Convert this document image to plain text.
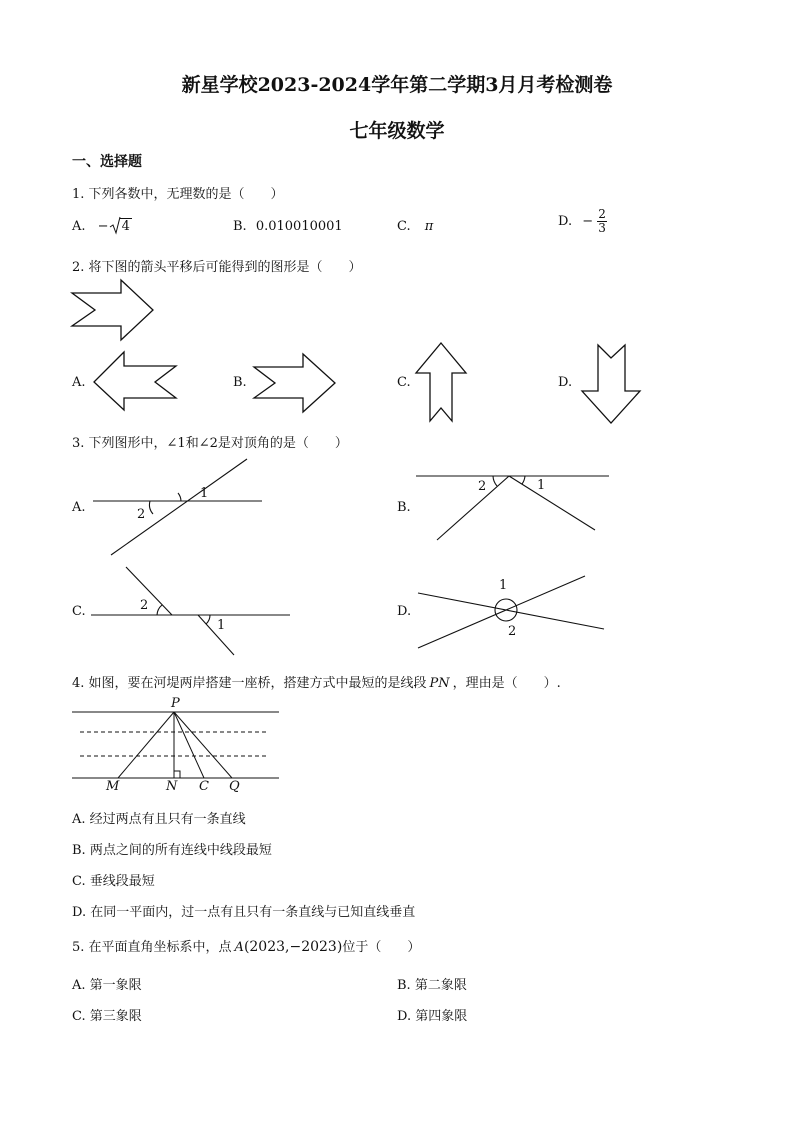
新星学校2023-2024学年第二学期3月月考检测卷
七年级数学
一、选择题
1. 下列各数中，无理数的是（　　）
A. − 4	B. 0.010010001	C. π	D. − $\frac{2}{3}$
2. 将下图的箭头平移后可能得到的图形是（　　）
A.	B.	C.	D.
3. 下列图形中，∠1和∠2是对顶角的是（　　）
A.	B.
C.	D.
1
2
2	1
2
1
1
2
4. 如图，要在河堤两岸搭建一座桥，搭建方式中最短的是线段 PN ，理由是（　　）.
P
M	N C Q
A. 经过两点有且只有一条直线
B. 两点之间的所有连线中线段最短
C. 垂线段最短
D. 在同一平面内，过一点有且只有一条直线与已知直线垂直
5. 在平面直角坐标系中，点 A(2023,−2023)位于（　　）
A. 第一象限	B. 第二象限
C. 第三象限	D. 第四象限
